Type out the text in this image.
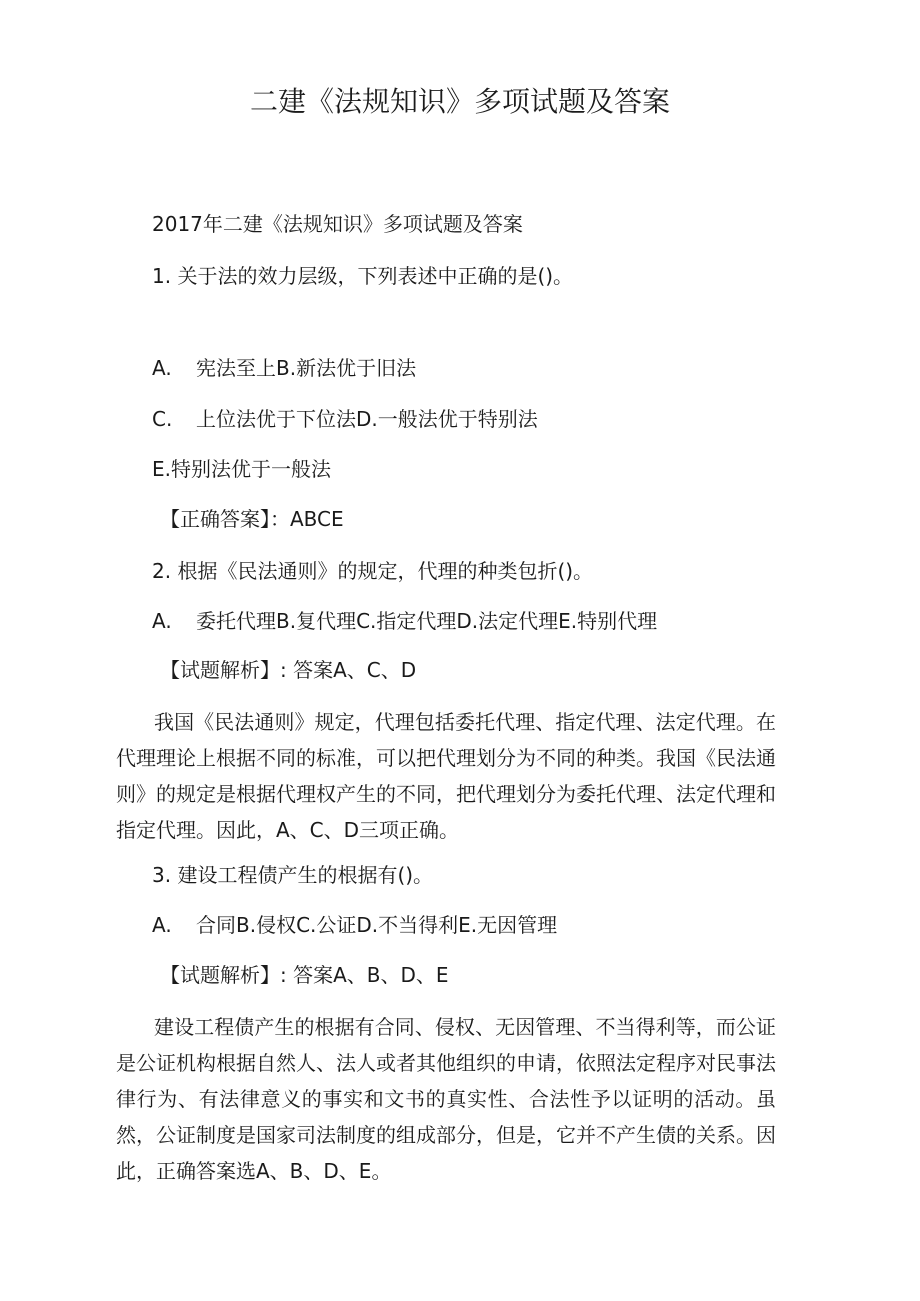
二建《法规知识》多项试题及答案
2017年二建《法规知识》多项试题及答案
1. 关于法的效力层级，下列表述中正确的是()。
A. 宪法至上B.新法优于旧法
C. 上位法优于下位法D.一般法优于特别法
E.特别法优于一般法
【正确答案】：ABCE
2. 根据《民法通则》的规定，代理的种类包折()。
A. 委托代理B.复代理C.指定代理D.法定代理E.特别代理
【试题解析】: 答案A、C、D
我国《民法通则》规定，代理包括委托代理、指定代理、法定代理。在代理理论上根据不同的标准，可以把代理划分为不同的种类。我国《民法通则》的规定是根据代理权产生的不同，把代理划分为委托代理、法定代理和指定代理。因此，A、C、D三项正确。
3. 建设工程债产生的根据有()。
A. 合同B.侵权C.公证D.不当得利E.无因管理
【试题解析】: 答案A、B、D、E
建设工程债产生的根据有合同、侵权、无因管理、不当得利等，而公证是公证机构根据自然人、法人或者其他组织的申请，依照法定程序对民事法律行为、有法律意义的事实和文书的真实性、合法性予以证明的活动。虽然，公证制度是国家司法制度的组成部分，但是，它并不产生债的关系。因此，正确答案选A、B、D、E。
